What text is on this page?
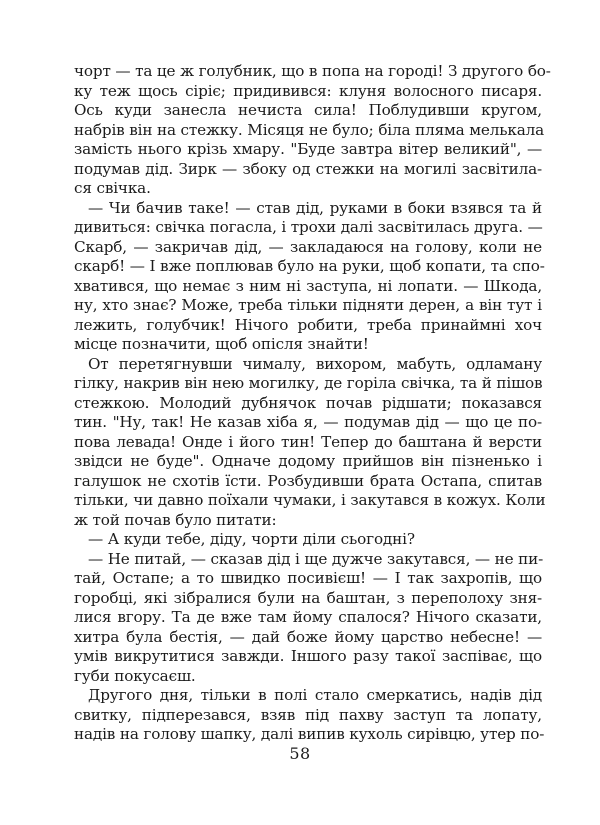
чорт — та це ж голубник, що в попа на городі! З другого бо-
ку теж щось сіріє; придивився: клуня волосного писаря.
Ось куди занесла нечиста сила! Поблудивши кругом,
набрів він на стежку. Місяця не було; біла пляма мелькала
замість нього крізь хмару. "Буде завтра вітер великий", —
подумав дід. Зирк — збоку од стежки на могилі засвітила-
ся свічка.
— Чи бачив таке! — став дід, руками в боки взявся та й
дивиться: свічка погасла, і трохи далі засвітилась друга. —
Скарб, — закричав дід, — закладаюся на голову, коли не
скарб! — І вже поплював було на руки, щоб копати, та спо-
хватився, що немає з ним ні заступа, ні лопати. — Шкода,
ну, хто знає? Може, треба тільки підняти дерен, а він тут і
лежить, голубчик! Нічого робити, треба принаймні хоч
місце позначити, щоб опісля знайти!
От перетягнувши чималу, вихором, мабуть, одламану
гілку, накрив він нею могилку, де горіла свічка, та й пішов
стежкою. Молодий дубнячок почав рідшати; показався
тин. "Ну, так! Не казав хіба я, — подумав дід — що це по-
пова левада! Онде і його тин! Тепер до баштана й версти
звідси не буде". Одначе додому прийшов він пізненько і
галушок не схотів їсти. Розбудивши брата Остапа, спитав
тільки, чи давно поїхали чумаки, і закутався в кожух. Коли
ж той почав було питати:
— А куди тебе, діду, чорти діли сьогодні?
— Не питай, — сказав дід і ще дужче закутався, — не пи-
тай, Остапе; а то швидко посивієш! — І так захропів, що
горобці, які зібралися були на баштан, з переполоху зня-
лися вгору. Та де вже там йому спалося? Нічого сказати,
хитра була бестія, — дай боже йому царство небесне! —
умів викрутитися завжди. Іншого разу такої заспіває, що
губи покусаєш.
Другого дня, тільки в полі стало смеркатись, надів дід
свитку, підперезався, взяв під пахву заступ та лопату,
надів на голову шапку, далі випив кухоль сирівцю, утер по-
58
